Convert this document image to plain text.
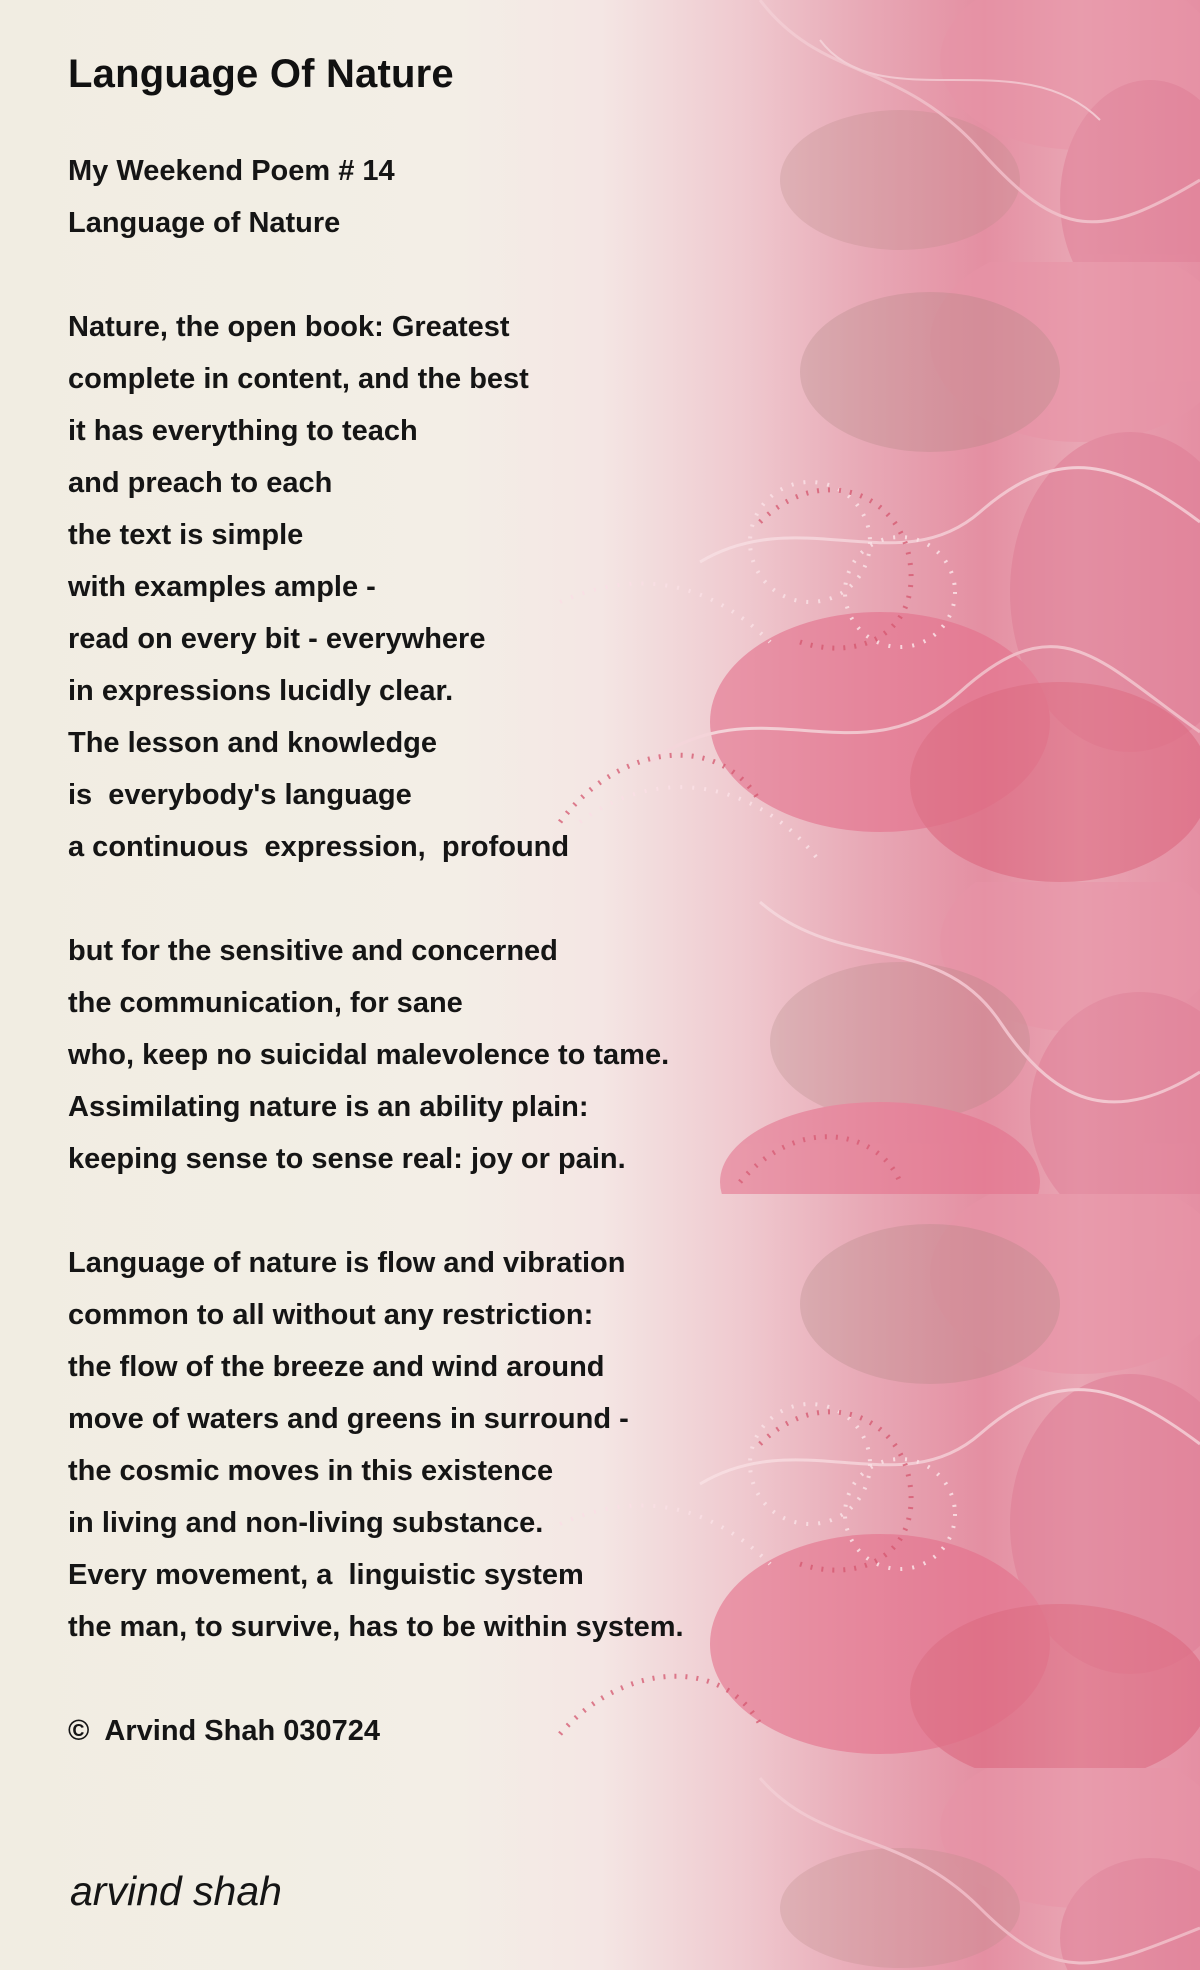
Language Of Nature
My Weekend Poem # 14
Language of Nature
Nature, the open book: Greatest
complete in content, and the best
it has everything to teach
and preach to each
the text is simple
with examples ample -
read on every bit - everywhere
in expressions lucidly clear.
The lesson and knowledge
is  everybody's language
a continuous  expression,  profound
but for the sensitive and concerned
the communication, for sane
who, keep no suicidal malevolence to tame.
Assimilating nature is an ability plain:
keeping sense to sense real: joy or pain.
Language of nature is flow and vibration
common to all without any restriction:
the flow of the breeze and wind around
move of waters and greens in surround -
the cosmic moves in this existence
in living and non-living substance.
Every movement, a  linguistic system
the man, to survive, has to be within system.
©  Arvind Shah 030724
arvind shah
